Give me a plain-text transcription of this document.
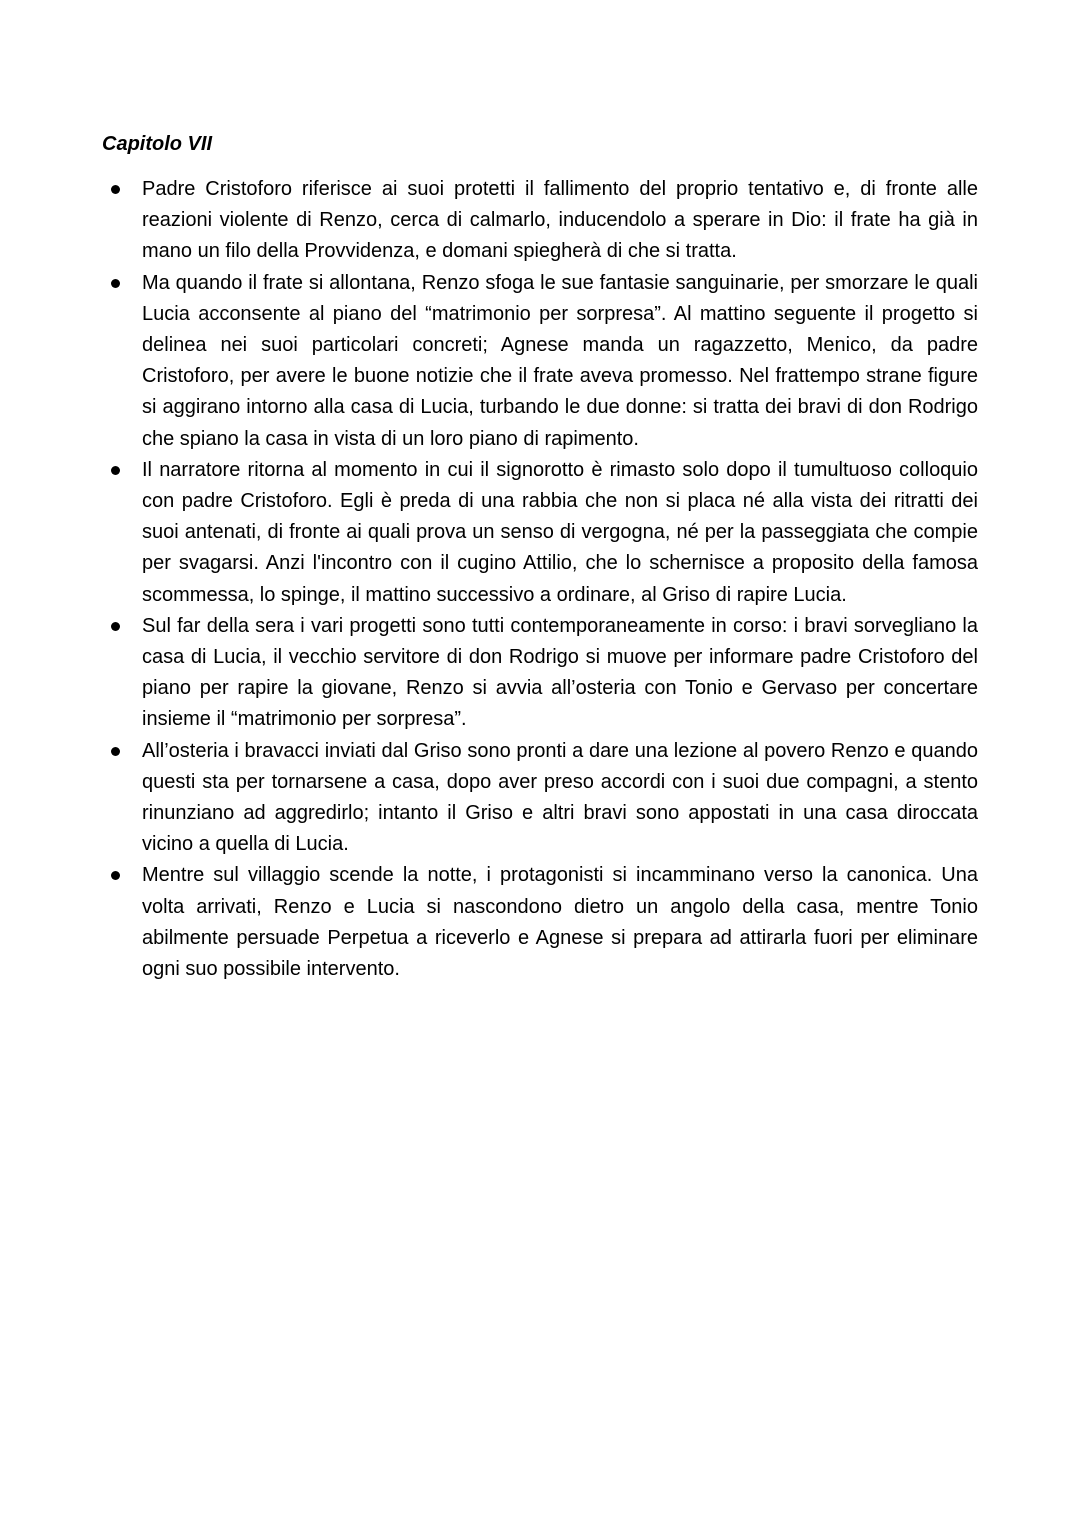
Capitolo VII
Padre Cristoforo riferisce ai suoi protetti il fallimento del proprio tentativo e, di fronte alle reazioni violente di Renzo, cerca di calmarlo, inducendolo a sperare in Dio: il frate ha già in mano un filo della Provvidenza, e domani spiegherà di che si tratta.
Ma quando il frate si allontana, Renzo sfoga le sue fantasie sanguinarie, per smorzare le quali Lucia acconsente al piano del “matrimonio per sorpresa”. Al mattino seguente il progetto si delinea nei suoi particolari concreti; Agnese manda un ragazzetto, Menico, da padre Cristoforo, per avere le buone notizie che il frate aveva promesso. Nel frattempo strane figure si aggirano intorno alla casa di Lucia, turbando le due donne: si tratta dei bravi di don Rodrigo che spiano la casa in vista di un loro piano di rapimento.
Il narratore ritorna al momento in cui il signorotto è rimasto solo dopo il tumultuoso colloquio con padre Cristoforo. Egli è preda di una rabbia che non si placa né alla vista dei ritratti dei suoi antenati, di fronte ai quali prova un senso di vergogna, né per la passeggiata che compie per svagarsi. Anzi l'incontro con il cugino Attilio, che lo schernisce a proposito della famosa scommessa, lo spinge, il mattino successivo a ordinare, al Griso di rapire Lucia.
Sul far della sera i vari progetti sono tutti contemporaneamente in corso: i bravi sorvegliano la casa di Lucia, il vecchio servitore di don Rodrigo si muove per informare padre Cristoforo del piano per rapire la giovane, Renzo si avvia all’osteria con Tonio e Gervaso per concertare insieme il “matrimonio per sorpresa”.
All’osteria i bravacci inviati dal Griso sono pronti a dare una lezione al povero Renzo e quando questi sta per tornarsene a casa, dopo aver preso accordi con i suoi due compagni, a stento rinunziano ad aggredirlo; intanto il Griso e altri bravi sono appostati in una casa diroccata vicino a quella di Lucia.
Mentre sul villaggio scende la notte, i protagonisti si incamminano verso la canonica. Una volta arrivati, Renzo e Lucia si nascondono dietro un angolo della casa, mentre Tonio abilmente persuade Perpetua a riceverlo e Agnese si prepara ad attirarla fuori per eliminare ogni suo possibile intervento.
